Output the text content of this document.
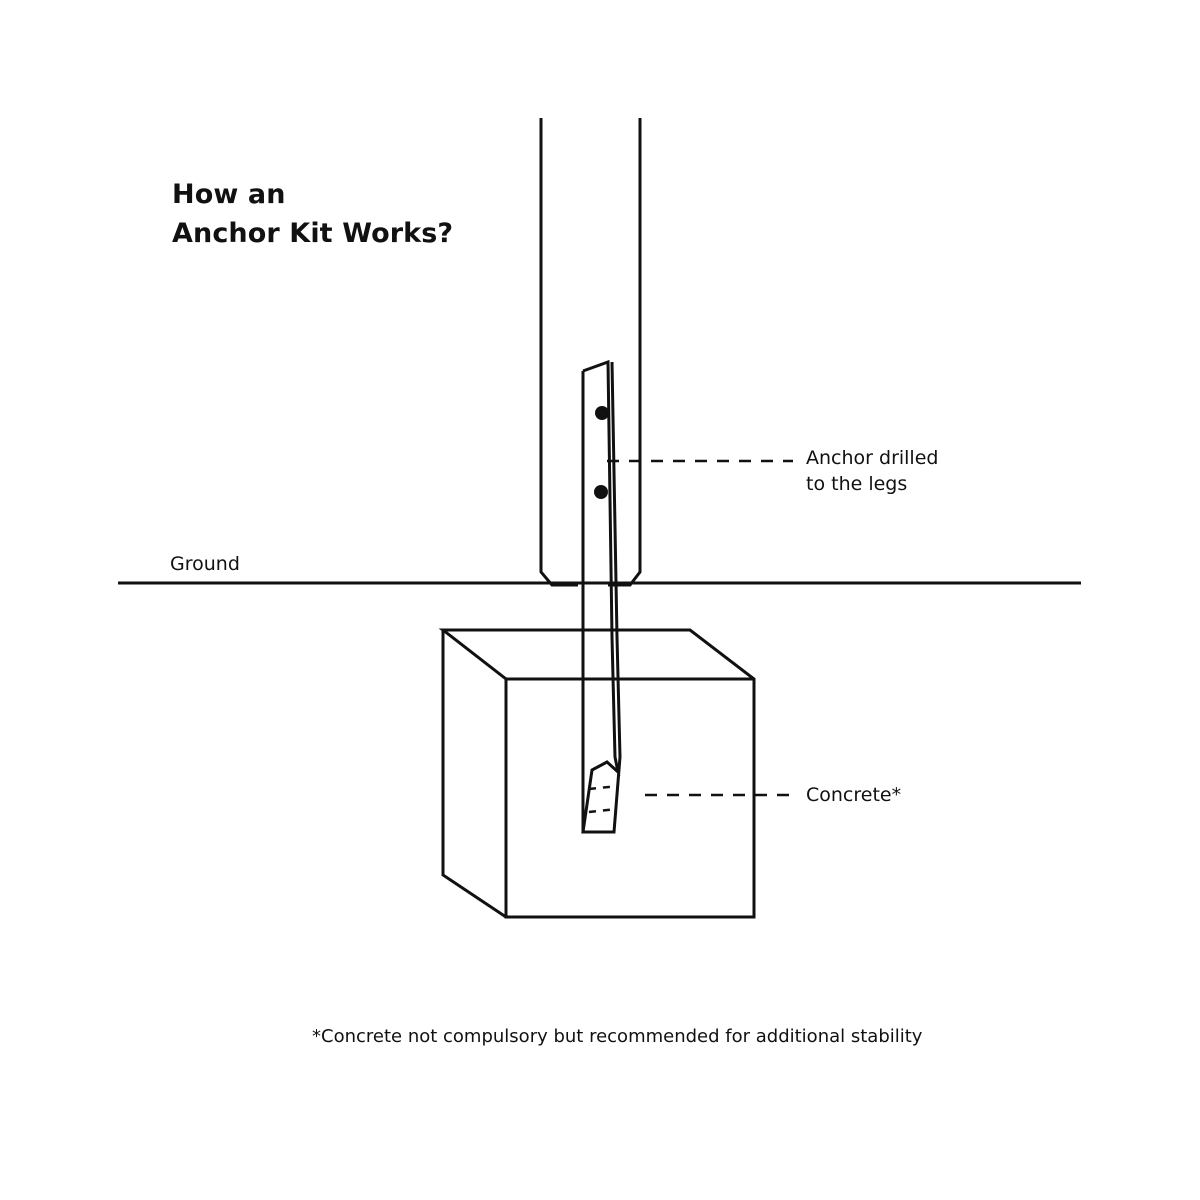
How an
Anchor Kit Works?
Ground
Anchor drilled
to the legs
Concrete*
*Concrete not compulsory but recommended for additional stability
